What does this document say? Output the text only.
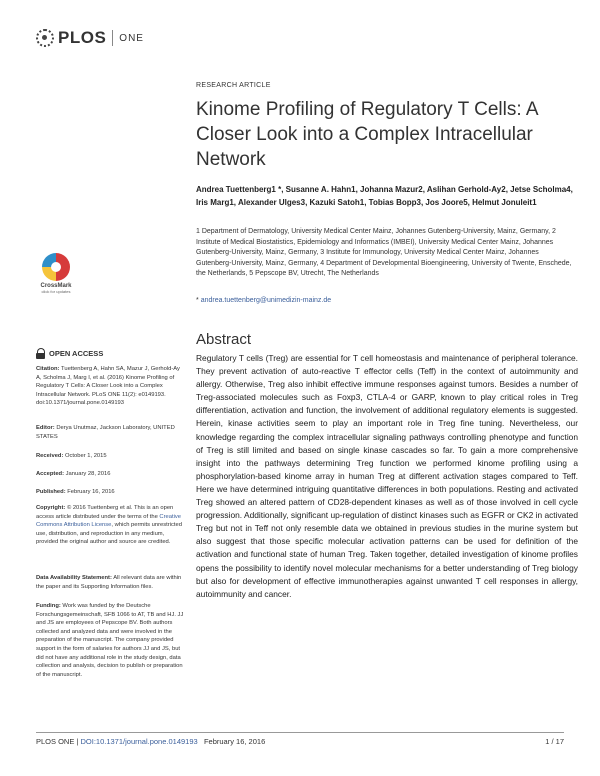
PLOS ONE
RESEARCH ARTICLE
Kinome Profiling of Regulatory T Cells: A Closer Look into a Complex Intracellular Network
Andrea Tuettenberg1 *, Susanne A. Hahn1, Johanna Mazur2, Aslihan Gerhold-Ay2, Jetse Scholma4, Iris Marg1, Alexander Ulges3, Kazuki Satoh1, Tobias Bopp3, Jos Joore5, Helmut Jonuleit1
1 Department of Dermatology, University Medical Center Mainz, Johannes Gutenberg-University, Mainz, Germany, 2 Institute of Medical Biostatistics, Epidemiology and Informatics (IMBEI), University Medical Center Mainz, Johannes Gutenberg-University, Mainz, Germany, 3 Institute for Immunology, University Medical Center Mainz, Johannes Gutenberg-University, Mainz, Germany, 4 Department of Developmental Bioengineering, University of Twente, Enschede, the Netherlands, 5 Pepscope BV, Utrecht, The Netherlands
* andrea.tuettenberg@unimedizin-mainz.de
CrossMark
click for updates
Abstract

Regulatory T cells (Treg) are essential for T cell homeostasis and maintenance of peripheral tolerance. They prevent activation of auto-reactive T effector cells (Teff) in the context of autoimmunity and allergy. Otherwise, Treg also inhibit effective immune responses against tumors. Besides a number of Treg-associated molecules such as Foxp3, CTLA-4 or GARP, known to play critical roles in Treg differentiation, activation and function, the involvement of additional regulatory elements is suggested. Herein, kinase activities seem to play an important role in Treg fine tuning. Nevertheless, our knowledge regarding the complex intracellular signaling pathways controlling phenotype and function of Treg is still limited and based on single kinase cascades so far. To gain a more comprehensive insight into the pathways determining Treg function we performed kinome profiling using a phosphorylation-based kinome array in human Treg at different activation stages compared to Teff. Here we have determined intriguing quantitative differences in both populations. Resting and activated Treg showed an altered pattern of CD28-dependent kinases as well as of those involved in cell cycle progression. Additionally, significant up-regulation of distinct kinases such as EGFR or CK2 in activated Treg but not in Teff not only resemble data we obtained in previous studies in the murine system but also suggest that those specific molecular activation patterns can be used for definition of the activation and functional state of human Treg. Taken together, detailed investigation of kinome profiles opens the possibility to identify novel molecular mechanisms for a better understanding of Treg biology but also for development of effective immunotherapies against unwanted T cell responses in allergy, autoimmunity and cancer.

OPEN ACCESS
Citation: Tuettenberg A, Hahn SA, Mazur J, Gerhold-Ay A, Scholma J, Marg I, et al. (2016) Kinome Profiling of Regulatory T Cells: A Closer Look into a Complex Intracellular Network. PLoS ONE 11(2): e0149193. doi:10.1371/journal.pone.0149193
Editor: Derya Unutmaz, Jackson Laboratory, UNITED STATES
Received: October 1, 2015
Accepted: January 28, 2016
Published: February 16, 2016
Copyright: © 2016 Tuettenberg et al. This is an open access article distributed under the terms of the Creative Commons Attribution License, which permits unrestricted use, distribution, and reproduction in any medium, provided the original author and source are credited.
Data Availability Statement: All relevant data are within the paper and its Supporting Information files.
Funding: Work was funded by the Deutsche Forschungsgemeinschaft, SFB 1066 to AT, TB and HJ. JJ and JS are employees of Pepscope BV. Both authors collected and analyzed data and were involved in the preparation of the manuscript. The company provided support in the form of salaries for authors JJ and JS, but did not have any additional role in the study design, data collection and analysis, decision to publish or preparation of the manuscript.
PLOS ONE | DOI:10.1371/journal.pone.0149193 February 16, 2016	1 / 17
